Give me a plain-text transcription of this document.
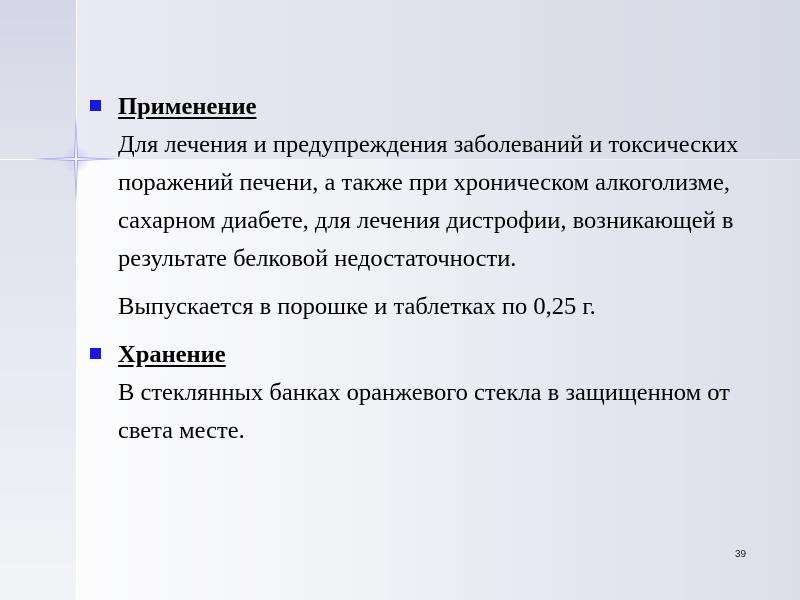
Применение
Для лечения и предупреждения заболеваний и токсических поражений печени, а также при хроническом алкоголизме, сахарном диабете, для лечения дистрофии, возникающей в результате белковой недостаточности.
Выпускается в порошке и таблетках по 0,25 г.
Хранение
В стеклянных банках оранжевого стекла в защищенном от света месте.
39
